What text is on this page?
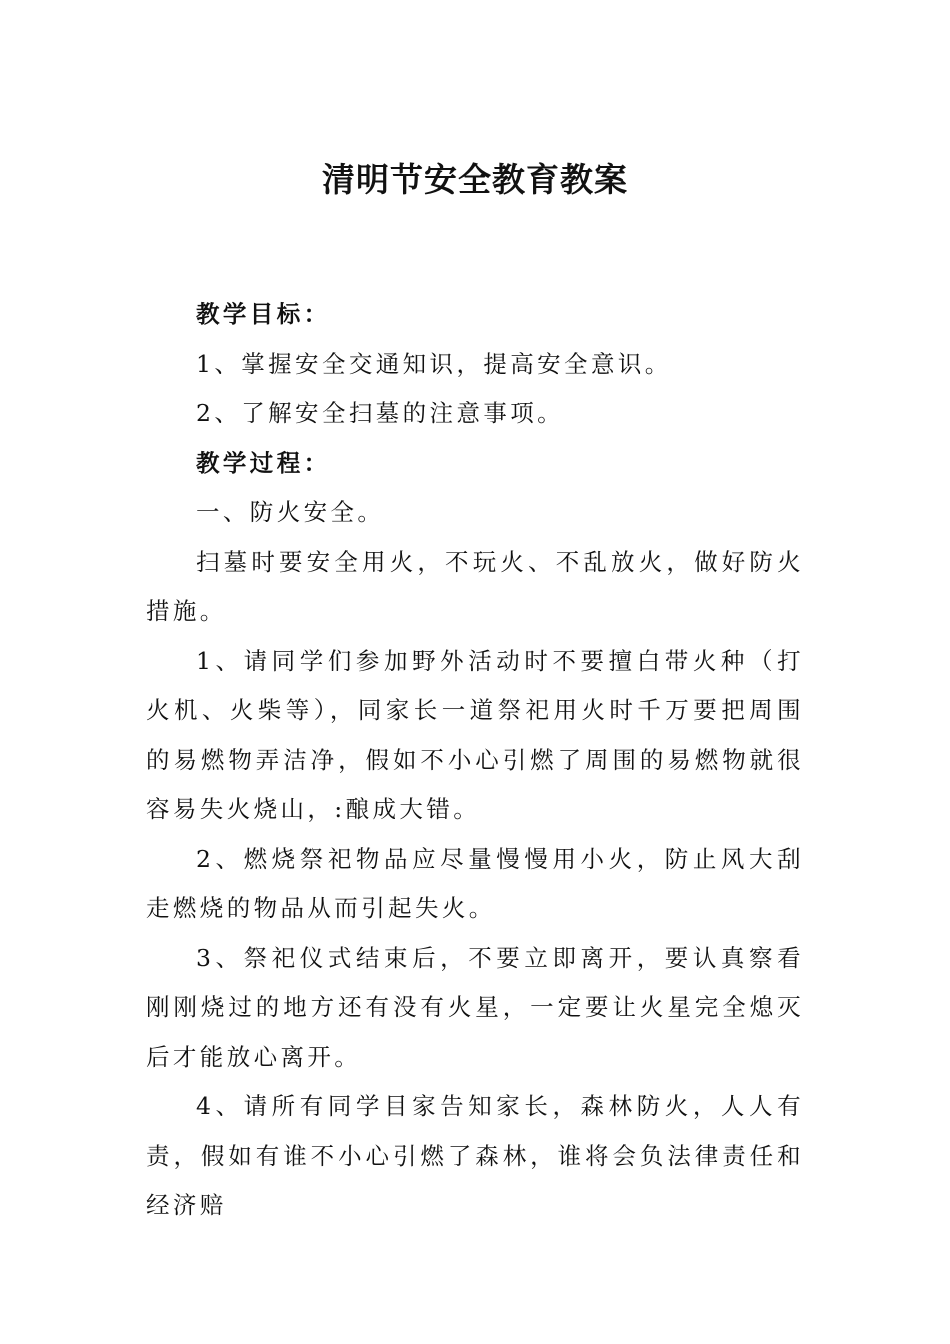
清明节安全教育教案

教学目标：

1、掌握安全交通知识，提高安全意识。

2、了解安全扫墓的注意事项。

教学过程：

一、防火安全。

扫墓时要安全用火，不玩火、不乱放火，做好防火措施。

1、请同学们参加野外活动时不要擅白带火种（打火机、火柴等），同家长一道祭祀用火时千万要把周围的易燃物弄洁净，假如不小心引燃了周围的易燃物就很容易失火烧山，:酿成大错。

2、燃烧祭祀物品应尽量慢慢用小火，防止风大刮走燃烧的物品从而引起失火。

3、祭祀仪式结束后，不要立即离开，要认真察看刚刚烧过的地方还有没有火星，一定要让火星完全熄灭后才能放心离开。

4、请所有同学目家告知家长，森林防火，人人有责，假如有谁不小心引燃了森林，谁将会负法律责任和经济赔
